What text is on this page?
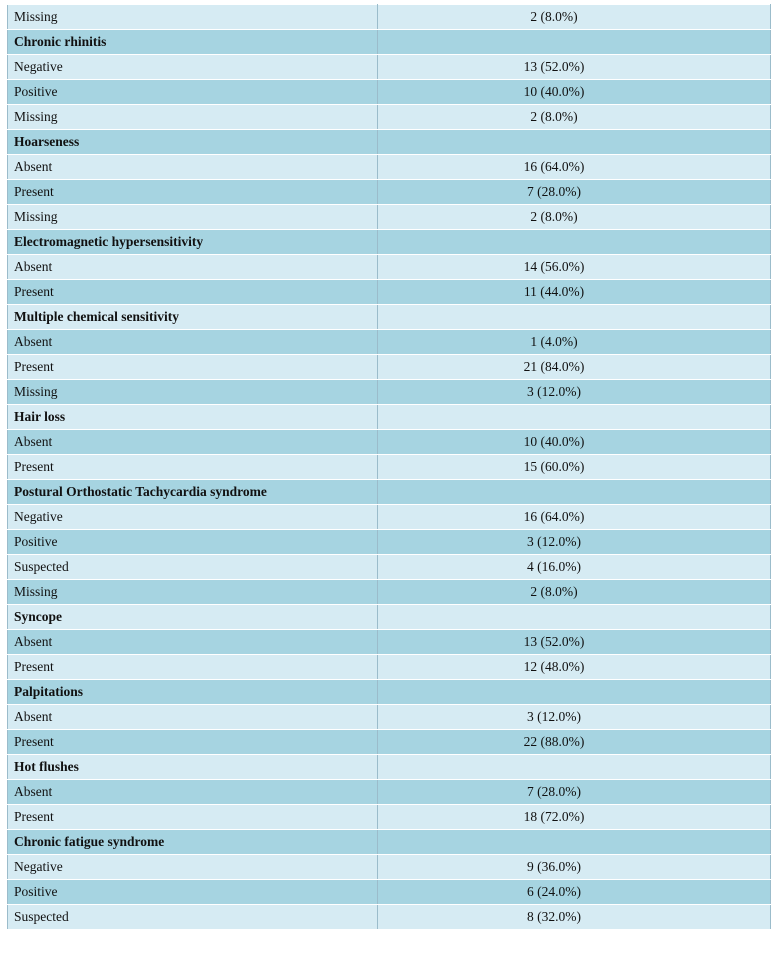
Missing	2 (8.0%)
Chronic rhinitis	
Negative	13 (52.0%)
Positive	10 (40.0%)
Missing	2 (8.0%)
Hoarseness	
Absent	16 (64.0%)
Present	7 (28.0%)
Missing	2 (8.0%)
Electromagnetic hypersensitivity	
Absent	14 (56.0%)
Present	11 (44.0%)
Multiple chemical sensitivity	
Absent	1 (4.0%)
Present	21 (84.0%)
Missing	3 (12.0%)
Hair loss	
Absent	10 (40.0%)
Present	15 (60.0%)
Postural Orthostatic Tachycardia syndrome	
Negative	16 (64.0%)
Positive	3 (12.0%)
Suspected	4 (16.0%)
Missing	2 (8.0%)
Syncope	
Absent	13 (52.0%)
Present	12 (48.0%)
Palpitations	
Absent	3 (12.0%)
Present	22 (88.0%)
Hot flushes	
Absent	7 (28.0%)
Present	18 (72.0%)
Chronic fatigue syndrome	
Negative	9 (36.0%)
Positive	6 (24.0%)
Suspected	8 (32.0%)
